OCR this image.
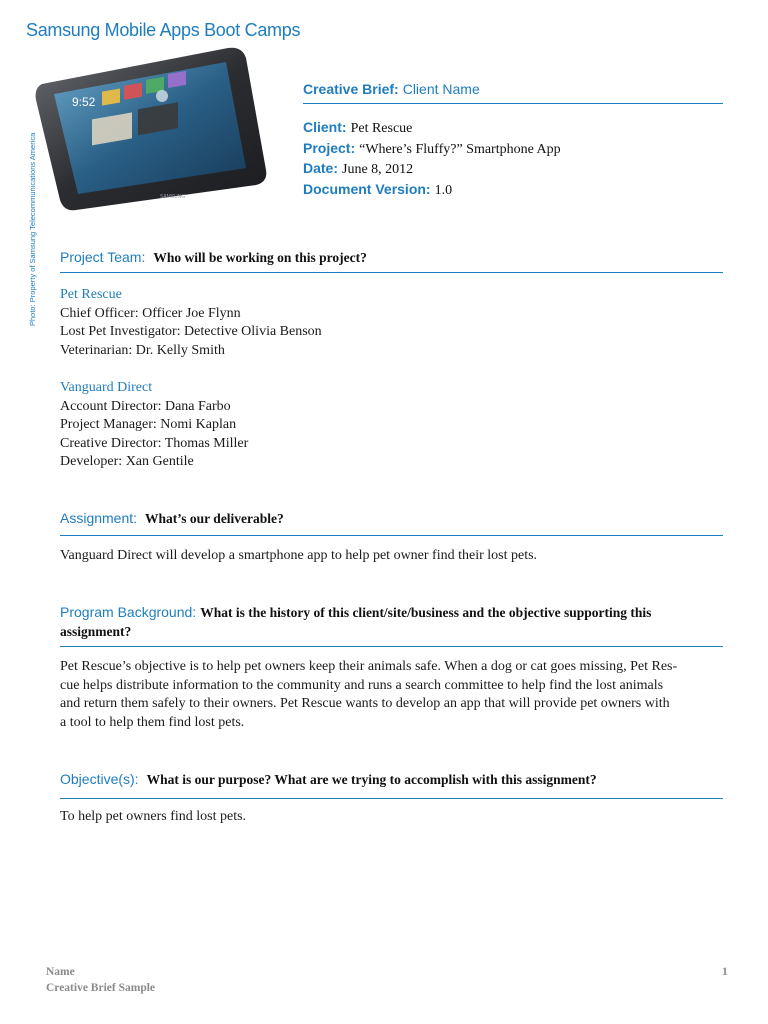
Samsung Mobile Apps Boot Camps
Photo: Property of Samsung Telecommunications America
9:52
SAMSUNG
Creative Brief: Client Name
Client: Pet Rescue
Project: “Where’s Fluffy?” Smartphone App
Date: June 8, 2012
Document Version: 1.0
Project Team: Who will be working on this project?
Pet Rescue
Chief Officer: Officer Joe Flynn
Lost Pet Investigator: Detective Olivia Benson
Veterinarian: Dr. Kelly Smith
Vanguard Direct
Account Director: Dana Farbo
Project Manager: Nomi Kaplan
Creative Director: Thomas Miller
Developer: Xan Gentile
Assignment: What’s our deliverable?
Vanguard Direct will develop a smartphone app to help pet owner find their lost pets.
Program Background: What is the history of this client/site/business and the objective supporting this
assignment?
Pet Rescue’s objective is to help pet owners keep their animals safe. When a dog or cat goes missing, Pet Res-
cue helps distribute information to the community and runs a search committee to help find the lost animals
and return them safely to their owners. Pet Rescue wants to develop an app that will provide pet owners with
a tool to help them find lost pets.
Objective(s): What is our purpose? What are we trying to accomplish with this assignment?
To help pet owners find lost pets.
Name
Creative Brief Sample
1
